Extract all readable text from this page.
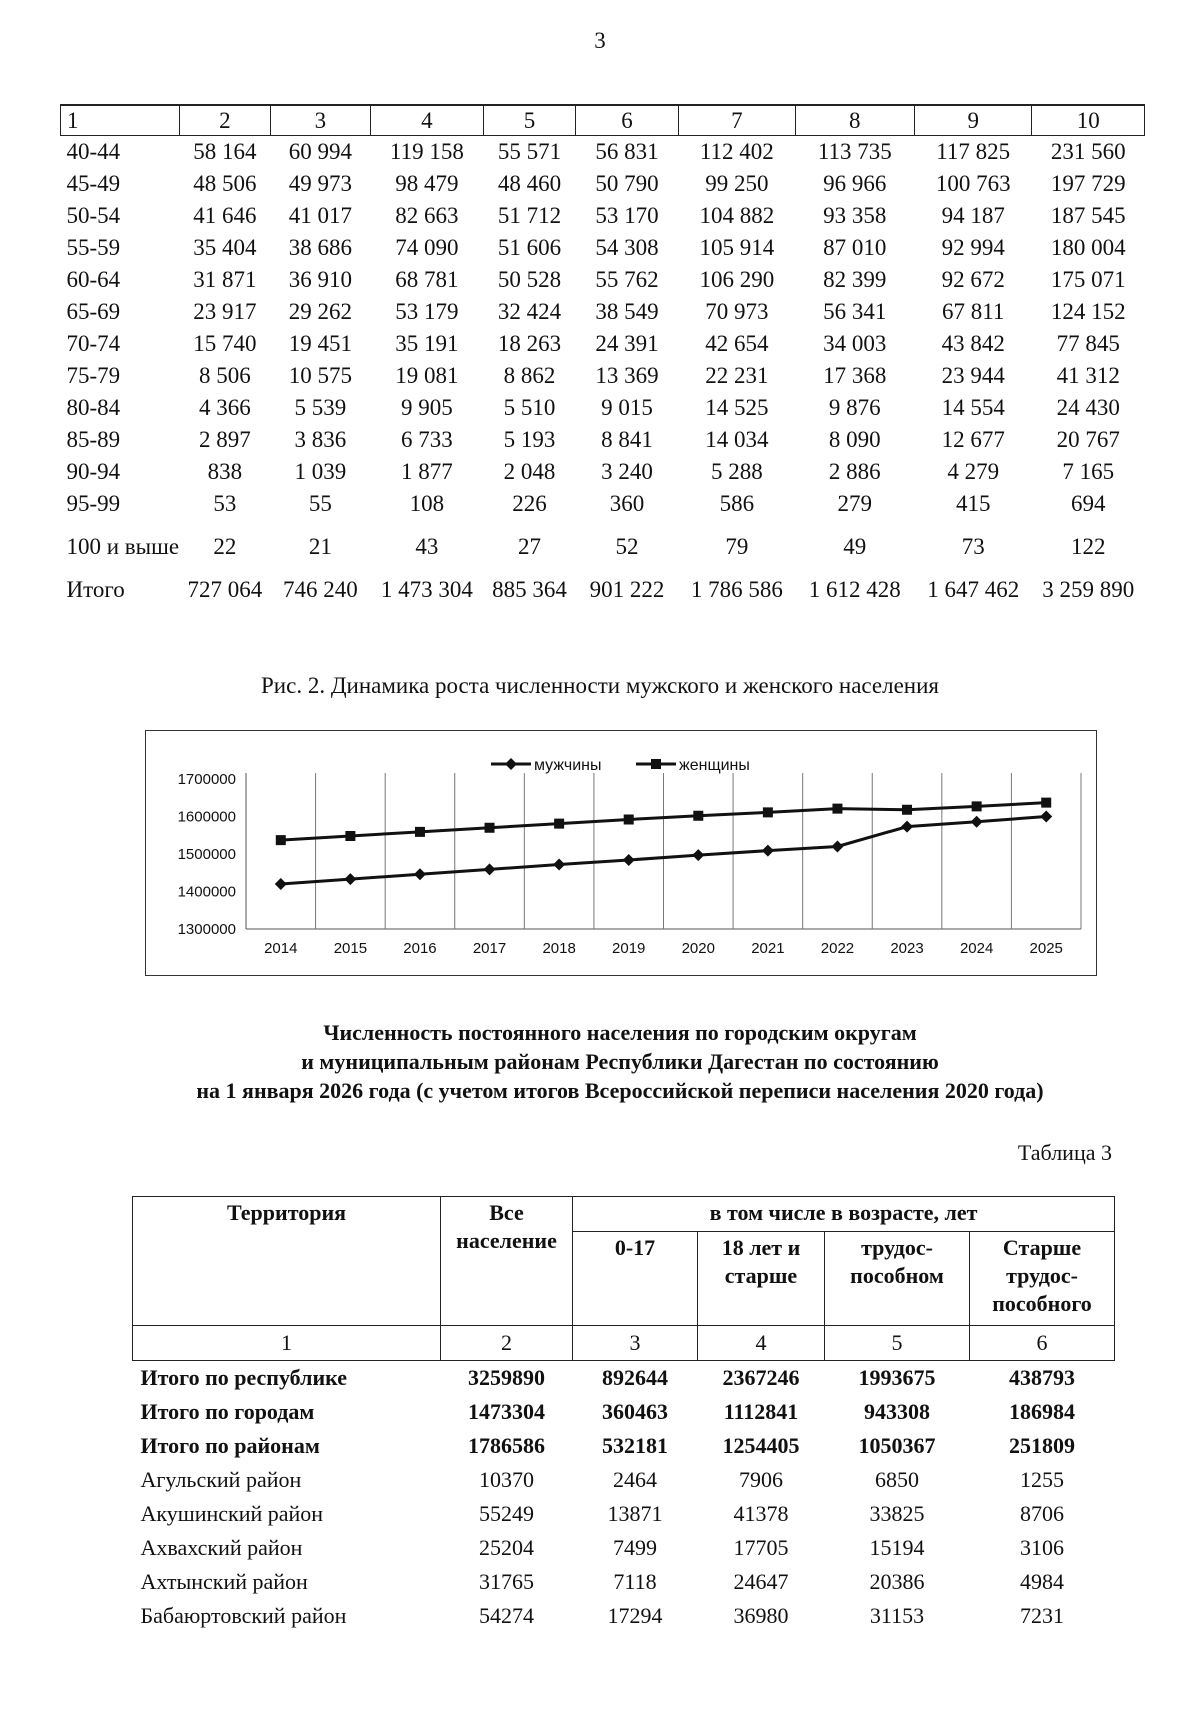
3
1	2	3	4	5	6	7	8	9	10
40-44	58 164	60 994	119 158	55 571	56 831	112 402	113 735	117 825	231 560
45-49	48 506	49 973	98 479	48 460	50 790	99 250	96 966	100 763	197 729
50-54	41 646	41 017	82 663	51 712	53 170	104 882	93 358	94 187	187 545
55-59	35 404	38 686	74 090	51 606	54 308	105 914	87 010	92 994	180 004
60-64	31 871	36 910	68 781	50 528	55 762	106 290	82 399	92 672	175 071
65-69	23 917	29 262	53 179	32 424	38 549	70 973	56 341	67 811	124 152
70-74	15 740	19 451	35 191	18 263	24 391	42 654	34 003	43 842	77 845
75-79	8 506	10 575	19 081	8 862	13 369	22 231	17 368	23 944	41 312
80-84	4 366	5 539	9 905	5 510	9 015	14 525	9 876	14 554	24 430
85-89	2 897	3 836	6 733	5 193	8 841	14 034	8 090	12 677	20 767
90-94	838	1 039	1 877	2 048	3 240	5 288	2 886	4 279	7 165
95-99	53	55	108	226	360	586	279	415	694
100 и выше	22	21	43	27	52	79	49	73	122
Итого	727 064	746 240	1 473 304	885 364	901 222	1 786 586	1 612 428	1 647 462	3 259 890
Рис. 2. Динамика роста численности мужского и женского населения
1700000
1600000
1500000
1400000
1300000
2014 2015 2016 2017 2018 2019 2020 2021 2022 2023 2024 2025
мужчины	женщины
Численность постоянного населения по городским округам
и муниципальным районам Республики Дагестан по состоянию
на 1 января 2026 года (с учетом итогов Всероссийской переписи населения 2020 года)
Таблица 3
Территория	Все население	в том числе в возрасте, лет			
		0-17	18 лет и старше	трудос-пособном	Старше трудос-пособного
1	2	3	4	5	6
Итого по республике	3259890	892644	2367246	1993675	438793
Итого по городам	1473304	360463	1112841	943308	186984
Итого по районам	1786586	532181	1254405	1050367	251809
Агульский район	10370	2464	7906	6850	1255
Акушинский район	55249	13871	41378	33825	8706
Ахвахский район	25204	7499	17705	15194	3106
Ахтынский район	31765	7118	24647	20386	4984
Бабаюртовский район	54274	17294	36980	31153	7231
